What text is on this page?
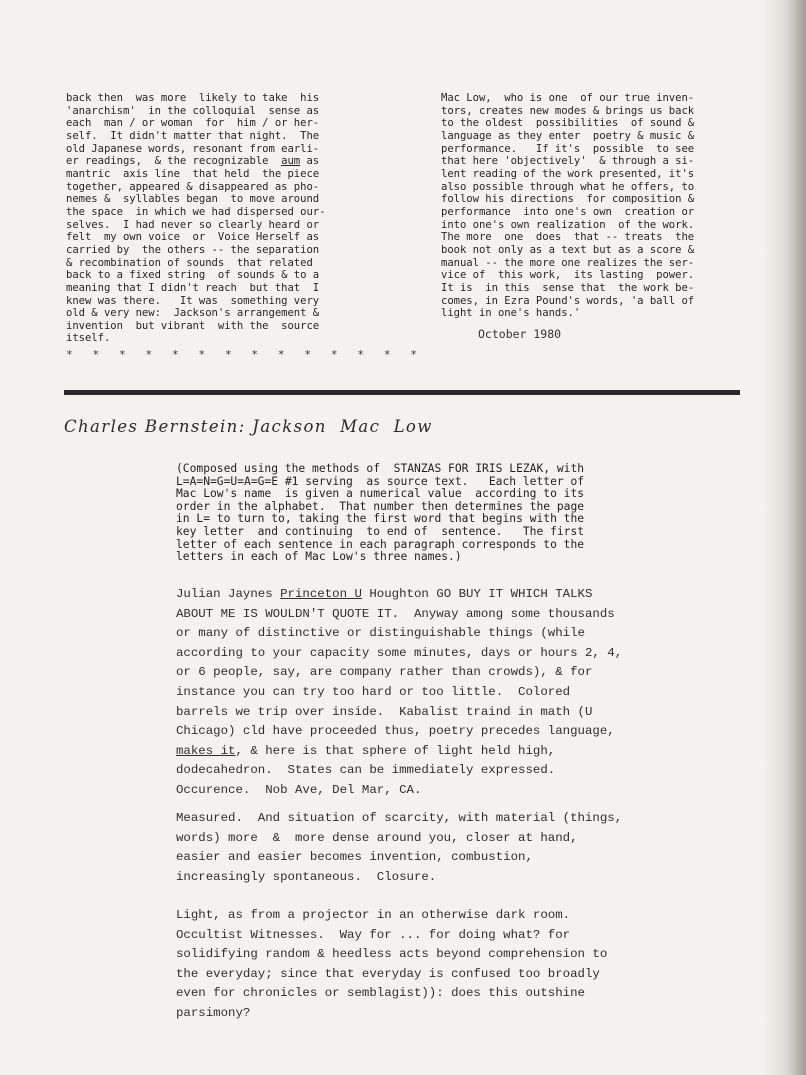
back then  was more  likely to take  his
'anarchism'  in the colloquial  sense as
each  man / or woman  for  him / or her-
self.  It didn't matter that night.  The
old Japanese words, resonant from earli-
er readings,  & the recognizable  aum as
mantric  axis line  that held  the piece
together, appeared & disappeared as pho-
nemes &  syllables began  to move around
the space  in which we had dispersed our-
selves.  I had never so clearly heard or
felt  my own voice  or  Voice Herself as
carried by  the others -- the separation
& recombination of sounds  that related
back to a fixed string  of sounds & to a
meaning that I didn't reach  but that  I
knew was there.   It was  something very
old & very new:  Jackson's arrangement &
invention  but vibrant  with the  source
itself.
*   *   *   *   *   *   *   *   *   *   *   *   *   *
Mac Low,  who is one  of our true inven-
tors, creates new modes & brings us back
to the oldest  possibilities  of sound &
language as they enter  poetry & music &
performance.   If it's  possible  to see
that here 'objectively'  & through a si-
lent reading of the work presented, it's
also possible through what he offers, to
follow his directions  for composition &
performance  into one's own  creation or
into one's own realization  of the work.
The more  one  does  that -- treats  the
book not only as a text but as a score &
manual -- the more one realizes the ser-
vice of  this work,  its lasting  power.
It is  in this  sense that  the work be-
comes, in Ezra Pound's words, 'a ball of
light in one's hands.'
October 1980
Charles Bernstein: Jackson  Mac  Low
(Composed using the methods of  STANZAS FOR IRIS LEZAK, with
L=A=N=G=U=A=G=E #1 serving  as source text.   Each letter of
Mac Low's name  is given a numerical value  according to its
order in the alphabet.  That number then determines the page
in L= to turn to, taking the first word that begins with the
key letter  and continuing  to end of  sentence.   The first
letter of each sentence in each paragraph corresponds to the
letters in each of Mac Low's three names.)
Julian Jaynes Princeton U Houghton GO BUY IT WHICH TALKS
ABOUT ME IS WOULDN'T QUOTE IT.  Anyway among some thousands
or many of distinctive or distinguishable things (while
according to your capacity some minutes, days or hours 2, 4,
or 6 people, say, are company rather than crowds), & for
instance you can try too hard or too little.  Colored
barrels we trip over inside.  Kabalist traind in math (U
Chicago) cld have proceeded thus, poetry precedes language,
makes it, & here is that sphere of light held high,
dodecahedron.  States can be immediately expressed.
Occurence.  Nob Ave, Del Mar, CA.
Measured.  And situation of scarcity, with material (things,
words) more  &  more dense around you, closer at hand,
easier and easier becomes invention, combustion,
increasingly spontaneous.  Closure.
Light, as from a projector in an otherwise dark room.
Occultist Witnesses.  Way for ... for doing what? for
solidifying random & heedless acts beyond comprehension to
the everyday; since that everyday is confused too broadly
even for chronicles or semblagist)): does this outshine
parsimony?
